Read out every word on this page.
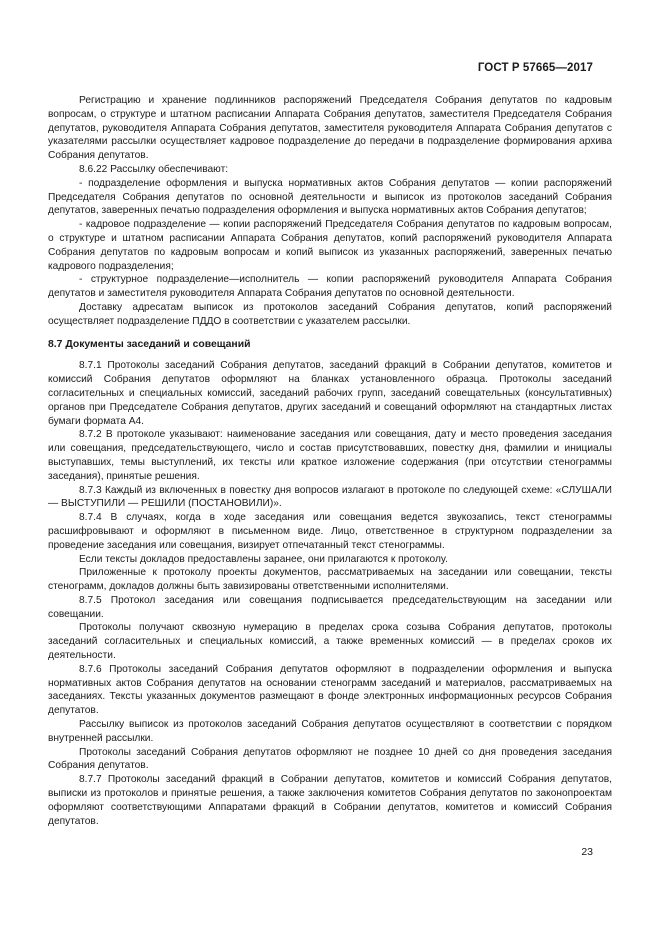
ГОСТ Р 57665—2017

Регистрацию и хранение подлинников распоряжений Председателя Собрания депутатов по кадровым вопросам, о структуре и штатном расписании Аппарата Собрания депутатов, заместителя Председателя Собрания депутатов, руководителя Аппарата Собрания депутатов, заместителя руководителя Аппарата Собрания депутатов с указателями рассылки осуществляет кадровое подразделение до передачи в подразделение формирования архива Собрания депутатов.

8.6.22 Рассылку обеспечивают:

- подразделение оформления и выпуска нормативных актов Собрания депутатов — копии распоряжений Председателя Собрания депутатов по основной деятельности и выписок из протоколов заседаний Собрания депутатов, заверенных печатью подразделения оформления и выпуска нормативных актов Собрания депутатов;

- кадровое подразделение — копии распоряжений Председателя Собрания депутатов по кадровым вопросам, о структуре и штатном расписании Аппарата Собрания депутатов, копий распоряжений руководителя Аппарата Собрания депутатов по кадровым вопросам и копий выписок из указанных распоряжений, заверенных печатью кадрового подразделения;

- структурное подразделение—исполнитель — копии распоряжений руководителя Аппарата Собрания депутатов и заместителя руководителя Аппарата Собрания депутатов по основной деятельности.

Доставку адресатам выписок из протоколов заседаний Собрания депутатов, копий распоряжений осуществляет подразделение ПДДО в соответствии с указателем рассылки.

8.7 Документы заседаний и совещаний

8.7.1 Протоколы заседаний Собрания депутатов, заседаний фракций в Собрании депутатов, комитетов и комиссий Собрания депутатов оформляют на бланках установленного образца. Протоколы заседаний согласительных и специальных комиссий, заседаний рабочих групп, заседаний совещательных (консультативных) органов при Председателе Собрания депутатов, других заседаний и совещаний оформляют на стандартных листах бумаги формата А4.

8.7.2 В протоколе указывают: наименование заседания или совещания, дату и место проведения заседания или совещания, председательствующего, число и состав присутствовавших, повестку дня, фамилии и инициалы выступавших, темы выступлений, их тексты или краткое изложение содержания (при отсутствии стенограммы заседания), принятые решения.

8.7.3 Каждый из включенных в повестку дня вопросов излагают в протоколе по следующей схеме: «СЛУШАЛИ — ВЫСТУПИЛИ — РЕШИЛИ (ПОСТАНОВИЛИ)».

8.7.4 В случаях, когда в ходе заседания или совещания ведется звукозапись, текст стенограммы расшифровывают и оформляют в письменном виде. Лицо, ответственное в структурном подразделении за проведение заседания или совещания, визирует отпечатанный текст стенограммы.

Если тексты докладов предоставлены заранее, они прилагаются к протоколу.

Приложенные к протоколу проекты документов, рассматриваемых на заседании или совещании, тексты стенограмм, докладов должны быть завизированы ответственными исполнителями.

8.7.5 Протокол заседания или совещания подписывается председательствующим на заседании или совещании.

Протоколы получают сквозную нумерацию в пределах срока созыва Собрания депутатов, протоколы заседаний согласительных и специальных комиссий, а также временных комиссий — в пределах сроков их деятельности.

8.7.6 Протоколы заседаний Собрания депутатов оформляют в подразделении оформления и выпуска нормативных актов Собрания депутатов на основании стенограмм заседаний и материалов, рассматриваемых на заседаниях. Тексты указанных документов размещают в фонде электронных информационных ресурсов Собрания депутатов.

Рассылку выписок из протоколов заседаний Собрания депутатов осуществляют в соответствии с порядком внутренней рассылки.

Протоколы заседаний Собрания депутатов оформляют не позднее 10 дней со дня проведения заседания Собрания депутатов.

8.7.7 Протоколы заседаний фракций в Собрании депутатов, комитетов и комиссий Собрания депутатов, выписки из протоколов и принятые решения, а также заключения комитетов Собрания депутатов по законопроектам оформляют соответствующими Аппаратами фракций в Собрании депутатов, комитетов и комиссий Собрания депутатов.

23
